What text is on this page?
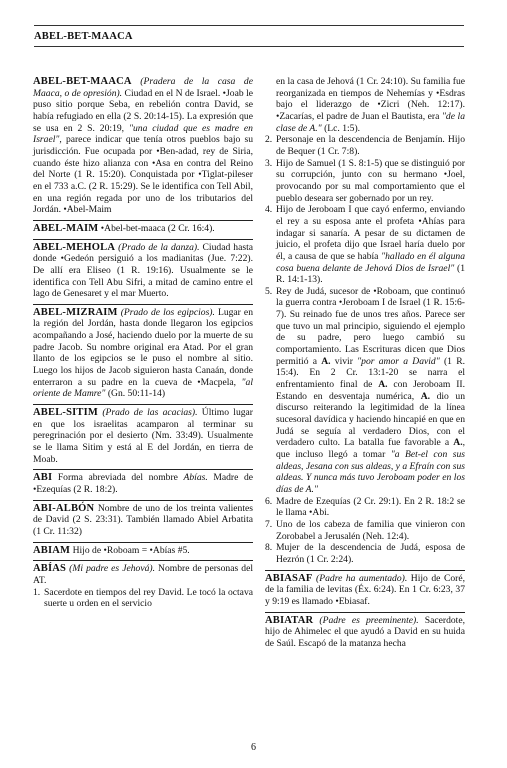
ABEL-BET-MAACA
ABEL-BET-MAACA (Pradera de la casa de Maaca, o de opresión). Ciudad en el N de Israel. •Joab le puso sitio porque Seba, en rebelión contra David, se había refugiado en ella (2 S. 20:14-15). La expresión que se usa en 2 S. 20:19, "una ciudad que es madre en Israel", parece indicar que tenía otros pueblos bajo su jurisdicción. Fue ocupada por •Ben-adad, rey de Siria, cuando éste hizo alianza con •Asa en contra del Reino del Norte (1 R. 15:20). Conquistada por •Tiglat-pileser en el 733 a.C. (2 R. 15:29). Se le identifica con Tell Abil, en una región regada por uno de los tributarios del Jordán. •Abel-Maim
ABEL-MAIM •Abel-bet-maaca (2 Cr. 16:4).
ABEL-MEHOLA (Prado de la danza). Ciudad hasta donde •Gedeón persiguió a los madianitas (Jue. 7:22). De allí era Eliseo (1 R. 19:16). Usualmente se le identifica con Tell Abu Sifri, a mitad de camino entre el lago de Genesaret y el mar Muerto.
ABEL-MIZRAIM (Prado de los egipcios). Lugar en la región del Jordán, hasta donde llegaron los egipcios acompañando a José, haciendo duelo por la muerte de su padre Jacob. Su nombre original era Atad. Por el gran llanto de los egipcios se le puso el nombre al sitio. Luego los hijos de Jacob siguieron hasta Canaán, donde enterraron a su padre en la cueva de •Macpela, "al oriente de Mamre" (Gn. 50:11-14)
ABEL-SITIM (Prado de las acacias). Último lugar en que los israelitas acamparon al terminar su peregrinación por el desierto (Nm. 33:49). Usualmente se le llama Sitim y está al E del Jordán, en tierra de Moab.
ABI Forma abreviada del nombre Abías. Madre de •Ezequías (2 R. 18:2).
ABI-ALBÓN Nombre de uno de los treinta valientes de David (2 S. 23:31). También llamado Abiel Arbatita (1 Cr. 11:32)
ABIAM Hijo de •Roboam = •Abías #5.
ABÍAS (Mi padre es Jehová). Nombre de personas del AT.
1. Sacerdote en tiempos del rey David. Le tocó la octava suerte u orden en el servicio
en la casa de Jehová (1 Cr. 24:10). Su familia fue reorganizada en tiempos de Nehemías y •Esdras bajo el liderazgo de •Zicri (Neh. 12:17). •Zacarías, el padre de Juan el Bautista, era "de la clase de A." (Lc. 1:5).
2. Personaje en la descendencia de Benjamín. Hijo de Bequer (1 Cr. 7:8).
3. Hijo de Samuel (1 S. 8:1-5) que se distinguió por su corrupción, junto con su hermano •Joel, provocando por su mal comportamiento que el pueblo deseara ser gobernado por un rey.
4. Hijo de Jeroboam I que cayó enfermo, enviando el rey a su esposa ante el profeta •Ahías para indagar si sanaría. A pesar de su dictamen de juicio, el profeta dijo que Israel haría duelo por él, a causa de que se había "hallado en él alguna cosa buena delante de Jehová Dios de Israel" (1 R. 14:1-13).
5. Rey de Judá, sucesor de •Roboam, que continuó la guerra contra •Jeroboam I de Israel (1 R. 15:6-7). Su reinado fue de unos tres años. Parece ser que tuvo un mal principio, siguiendo el ejemplo de su padre, pero luego cambió su comportamiento. Las Escrituras dicen que Dios permitió a A. vivir "por amor a David" (1 R. 15:4). En 2 Cr. 13:1-20 se narra el enfrentamiento final de A. con Jeroboam II. Estando en desventaja numérica, A. dio un discurso reiterando la legitimidad de la línea sucesoral davídica y haciendo hincapié en que en Judá se seguía al verdadero Dios, con el verdadero culto. La batalla fue favorable a A., que incluso llegó a tomar "a Bet-el con sus aldeas, Jesana con sus aldeas, y a Efraín con sus aldeas. Y nunca más tuvo Jeroboam poder en los días de A."
6. Madre de Ezequías (2 Cr. 29:1). En 2 R. 18:2 se le llama •Abi.
7. Uno de los cabeza de familia que vinieron con Zorobabel a Jerusalén (Neh. 12:4).
8. Mujer de la descendencia de Judá, esposa de Hezrón (1 Cr. 2:24).
ABIASAF (Padre ha aumentado). Hijo de Coré, de la familia de levitas (Éx. 6:24). En 1 Cr. 6:23, 37 y 9:19 es llamado •Ebiasaf.
ABIATAR (Padre es preeminente). Sacerdote, hijo de Ahimelec el que ayudó a David en su huida de Saúl. Escapó de la matanza hecha
6
